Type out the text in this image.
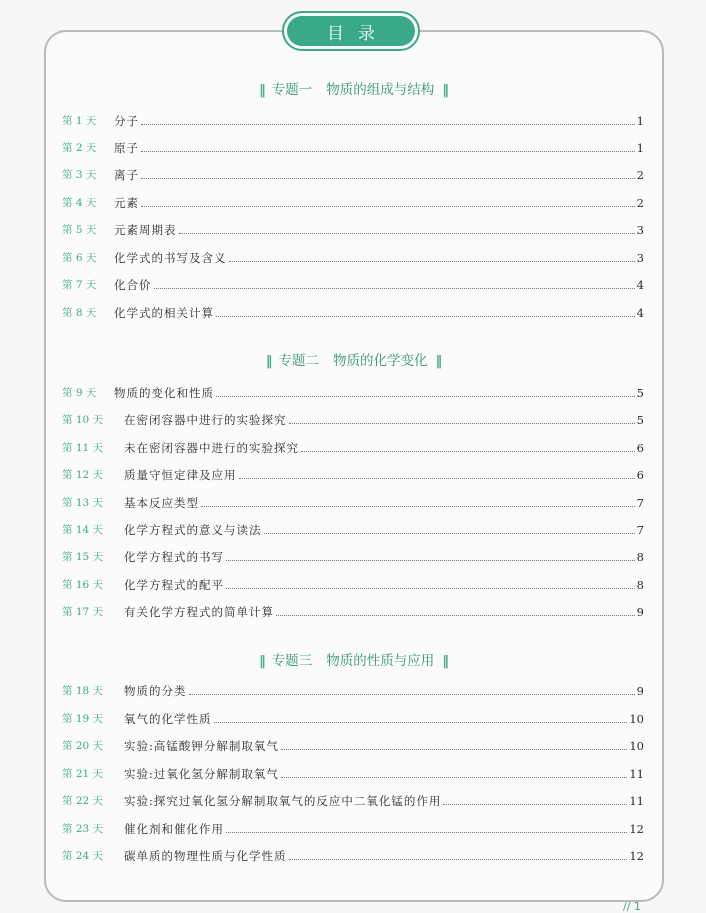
目录
‖ 专题一 物质的组成与结构 ‖
第 1 天	分子	1
第 2 天	原子	1
第 3 天	离子	2
第 4 天	元素	2
第 5 天	元素周期表	3
第 6 天	化学式的书写及含义	3
第 7 天	化合价	4
第 8 天	化学式的相关计算	4
‖ 专题二 物质的化学变化 ‖
第 9 天	物质的变化和性质	5
第 10 天	在密闭容器中进行的实验探究	5
第 11 天	未在密闭容器中进行的实验探究	6
第 12 天	质量守恒定律及应用	6
第 13 天	基本反应类型	7
第 14 天	化学方程式的意义与读法	7
第 15 天	化学方程式的书写	8
第 16 天	化学方程式的配平	8
第 17 天	有关化学方程式的简单计算	9
‖ 专题三 物质的性质与应用 ‖
第 18 天	物质的分类	9
第 19 天	氧气的化学性质	10
第 20 天	实验:高锰酸钾分解制取氧气	10
第 21 天	实验:过氧化氢分解制取氧气	11
第 22 天	实验:探究过氧化氢分解制取氧气的反应中二氧化锰的作用	11
第 23 天	催化剂和催化作用	12
第 24 天	碳单质的物理性质与化学性质	12
// 1
